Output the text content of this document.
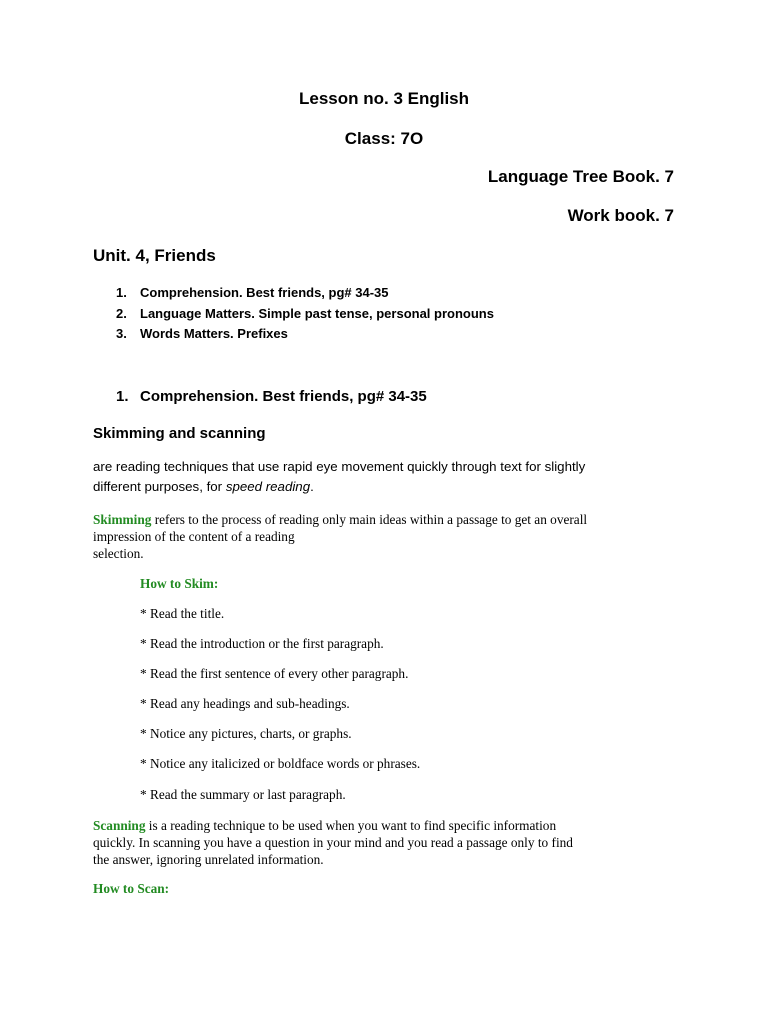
Lesson no. 3 English
Class: 7O
Language Tree Book. 7
Work book. 7
Unit. 4, Friends
1. Comprehension. Best friends, pg# 34-35
2. Language Matters. Simple past tense, personal pronouns
3. Words Matters. Prefixes
1. Comprehension. Best friends, pg# 34-35
Skimming and scanning
are reading techniques that use rapid eye movement quickly through text for slightly
different purposes, for speed reading.
Skimming refers to the process of reading only main ideas within a passage to get an overall
impression of the content of a reading
selection.
How to Skim:
* Read the title.
* Read the introduction or the first paragraph.
* Read the first sentence of every other paragraph.
* Read any headings and sub-headings.
* Notice any pictures, charts, or graphs.
* Notice any italicized or boldface words or phrases.
* Read the summary or last paragraph.
Scanning is a reading technique to be used when you want to find specific information
quickly. In scanning you have a question in your mind and you read a passage only to find
the answer, ignoring unrelated information.
How to Scan:
